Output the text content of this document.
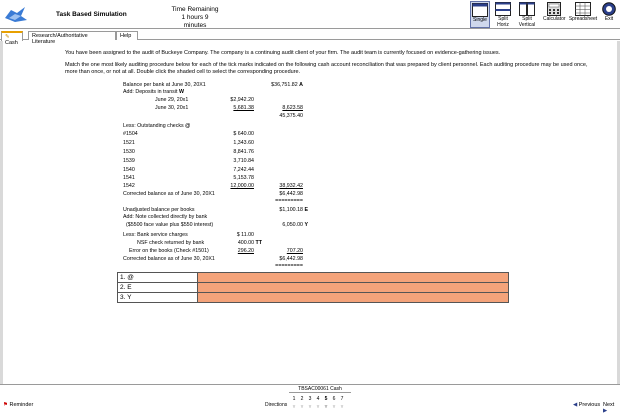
Task Based Simulation
Time Remaining
1 hours 9 minutes
Single	Split Horiz
Split Vertical
Calculator Spreadsheet	Exit
✎ Cash
Research/Authoritative Literature
Help
You have been assigned to the audit of Buckeye Company. The company is a continuing audit client of your firm. The audit team is currently focused on evidence-gathering issues.
Match the one most likely auditing procedure below for each of the tick marks indicated on the following cash account reconciliation that was prepared by client personnel. Each auditing procedure may be used once, more than once, or not at all. Double click the shaded cell to select the corresponding procedure.
Balance per bank at June 30, 20X1	$36,751.82 A
Add: Deposits in transit W
June 29, 20x1	$2,942.20
June 30, 20x1	5,681.38	8,623.58
45,375.40
Less: Outstanding checks @
#1504	$ 640.00
1521	1,343.60
1530	8,841.76
1539	3,710.84
1540	7,242.44
1541	5,153.78
1542	12,000.00	38,932.42
Corrected balance as of June 30, 20X1	$6,442.98
=========
Unadjusted balance per books	$1,100.18 E
Add: Note collected directly by bank
($5500 face value plus $550 interest)	6,050.00 Y
Less: Bank service charges	$ 11.00
NSF check returned by bank	400.00 TT
Error on the books (Check #1501)	296.20	707.20
Corrected balance as of June 30, 20X1	$6,442.98
=========
1. @	
2. E	
3. Y	
⚑ Reminder
TBSAC00061 Cash
Directions
1
▿
2
▿
3
▿
4
▿
5
▿
6
▿
7
▿	◀ Previous Next ▶
